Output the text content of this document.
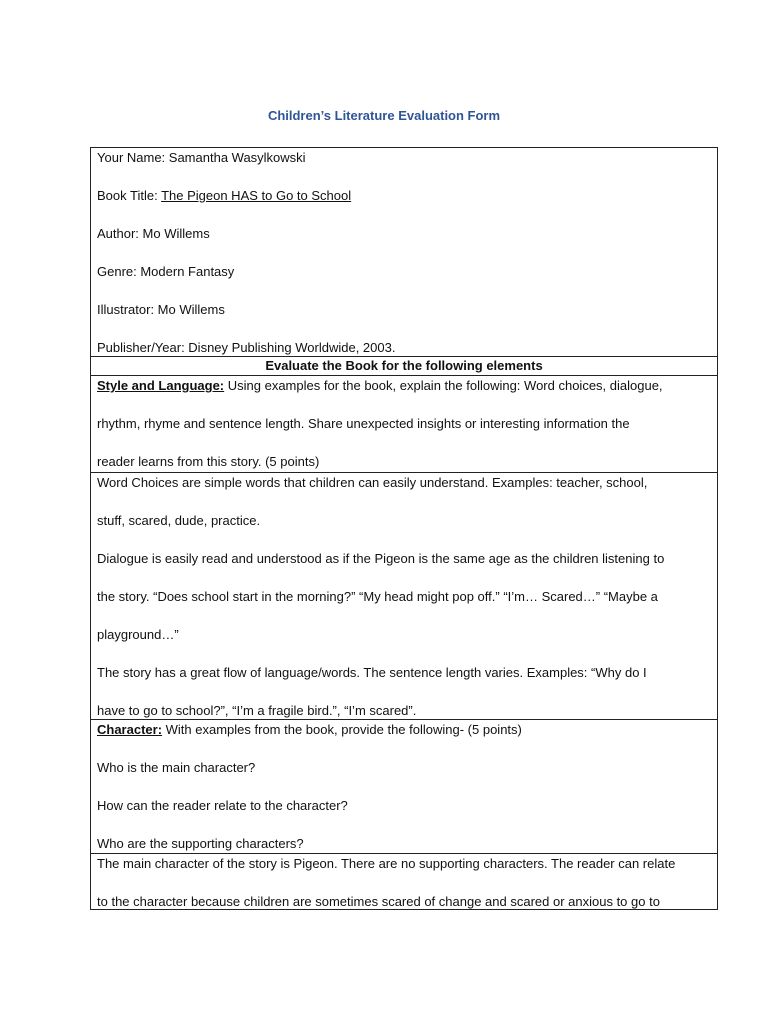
Children’s Literature Evaluation Form
Your Name: Samantha Wasylkowski
Book Title: The Pigeon HAS to Go to School
Author: Mo Willems
Genre: Modern Fantasy
Illustrator: Mo Willems
Publisher/Year: Disney Publishing Worldwide, 2003.
Evaluate the Book for the following elements
Style and Language: Using examples for the book, explain the following: Word choices, dialogue,
rhythm, rhyme and sentence length. Share unexpected insights or interesting information the
reader learns from this story. (5 points)
Word Choices are simple words that children can easily understand. Examples: teacher, school,
stuff, scared, dude, practice.
Dialogue is easily read and understood as if the Pigeon is the same age as the children listening to
the story. “Does school start in the morning?” “My head might pop off.” “I’m… Scared…” “Maybe a
playground…”
The story has a great flow of language/words. The sentence length varies. Examples: “Why do I
have to go to school?”, “I’m a fragile bird.”, “I’m scared”.
Character: With examples from the book, provide the following- (5 points)
Who is the main character?
How can the reader relate to the character?
Who are the supporting characters?
The main character of the story is Pigeon. There are no supporting characters. The reader can relate
to the character because children are sometimes scared of change and scared or anxious to go to
